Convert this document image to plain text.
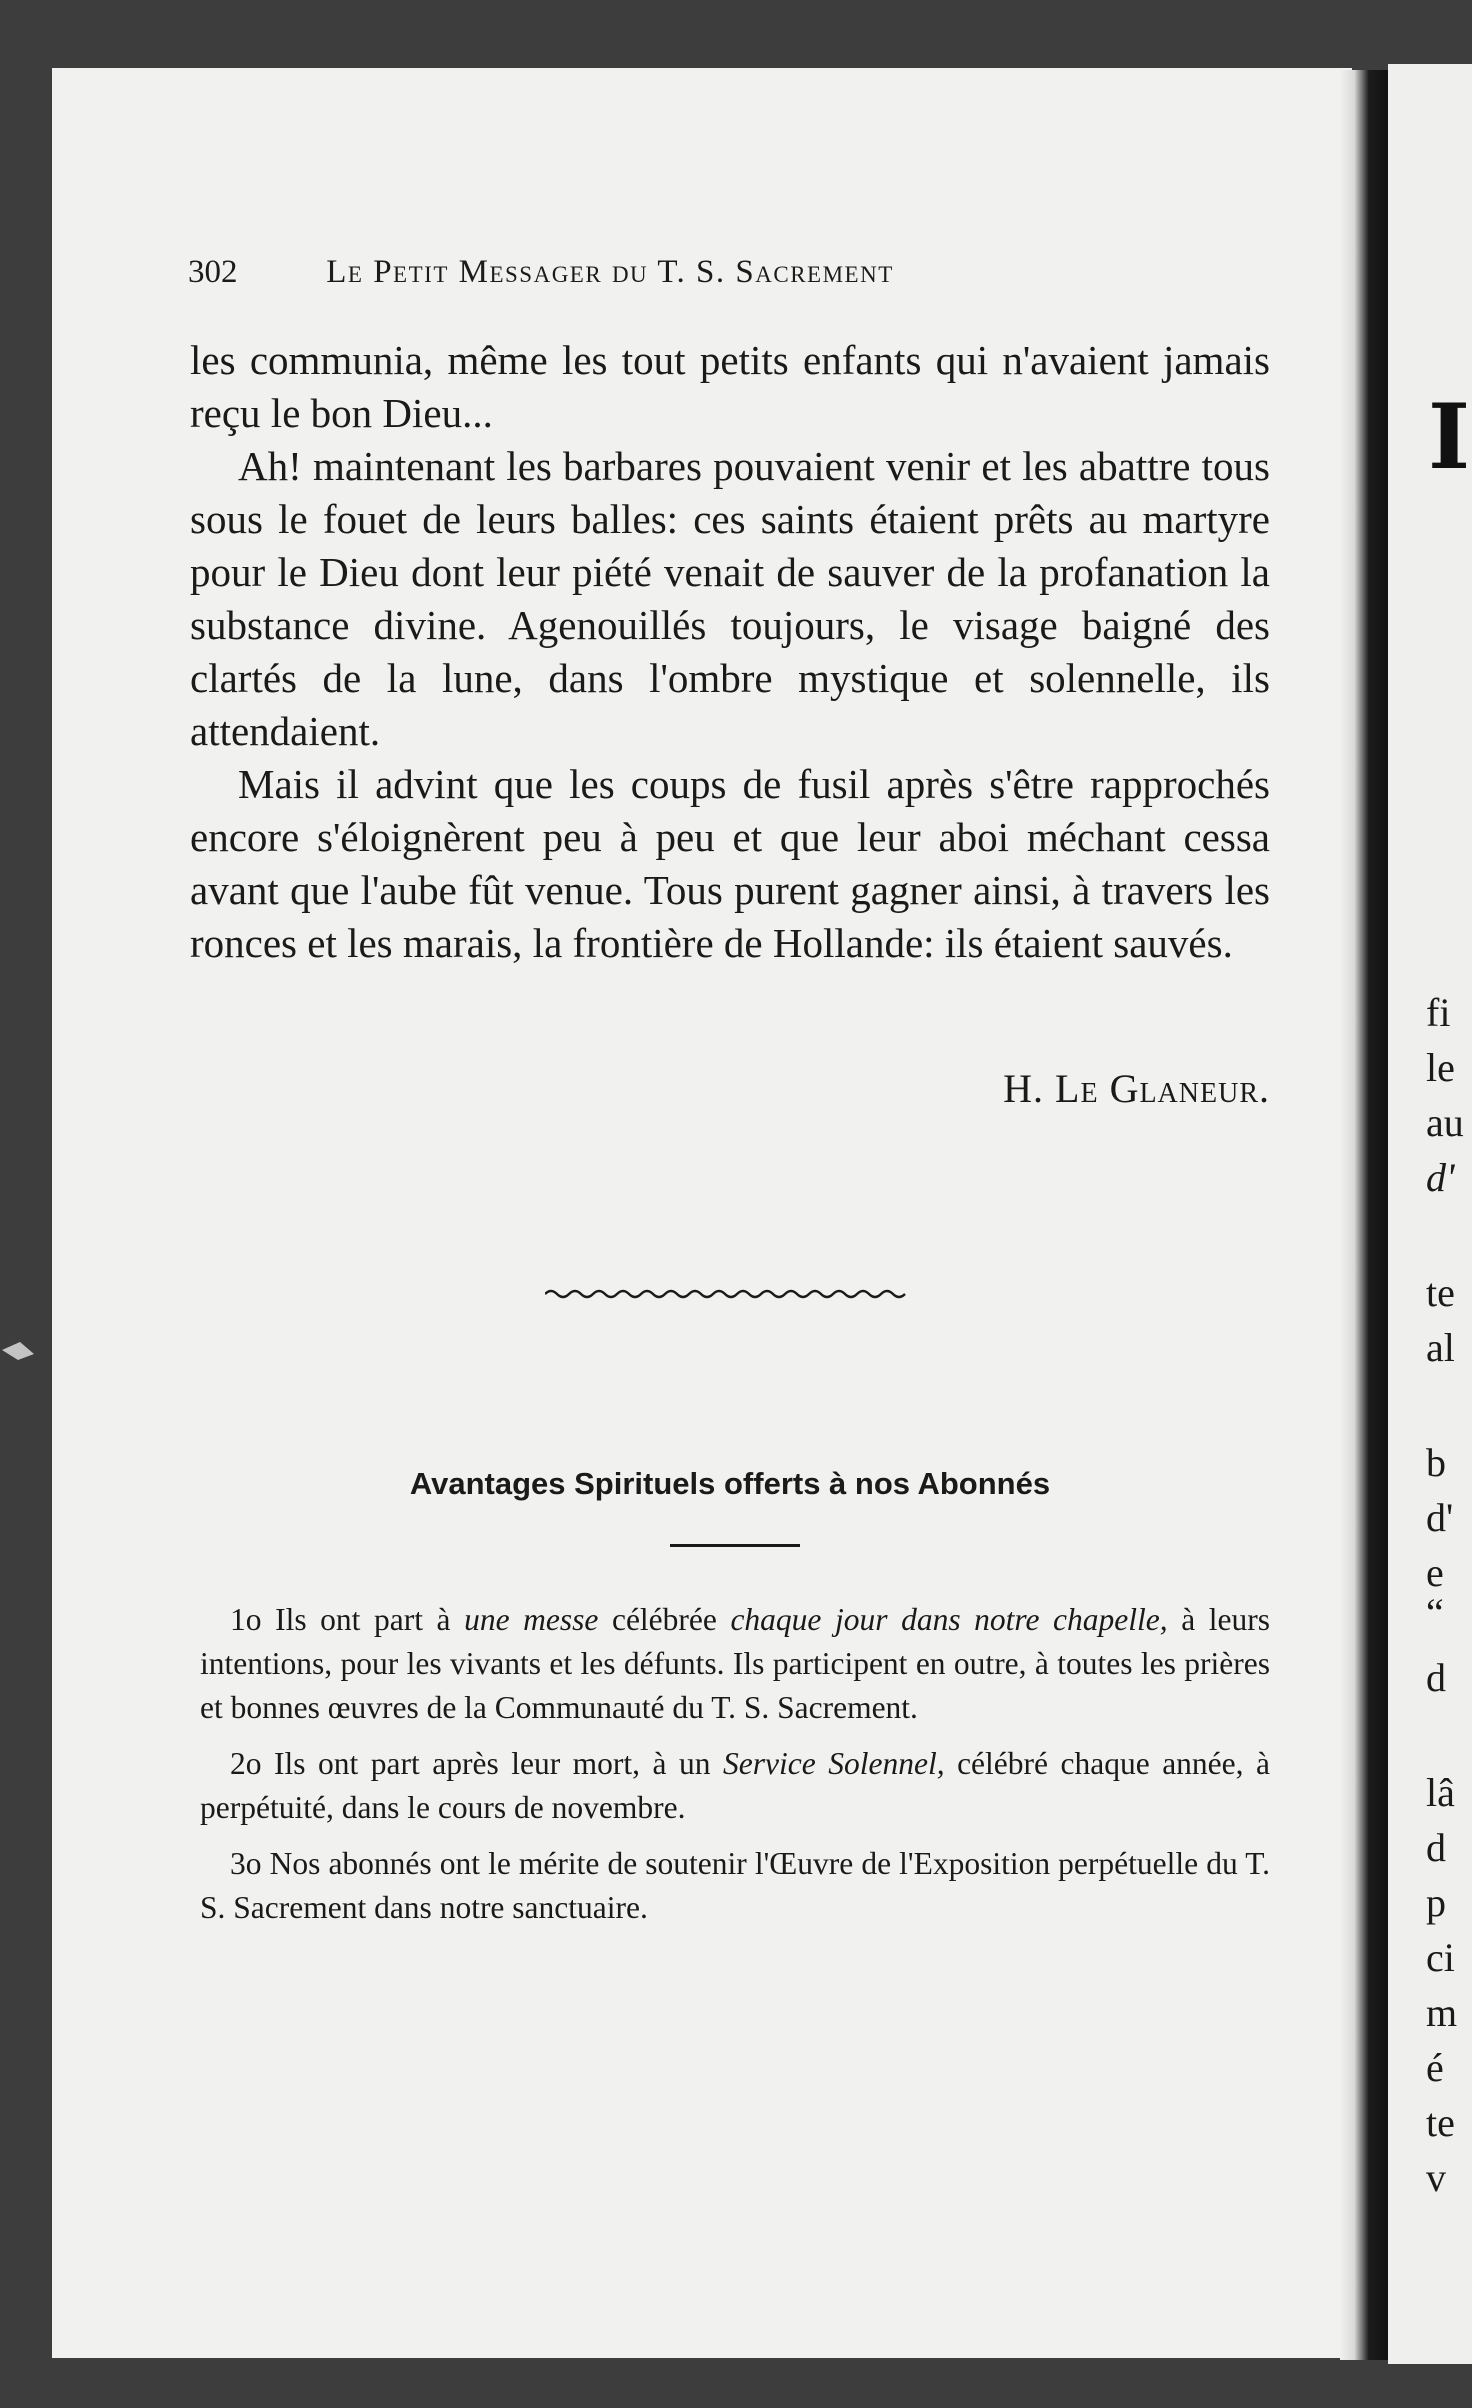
I
fi
le
au
d'
te
al
b
d'
e
“
d
lâ
d
p
ci
m
é
te
v
302	Le Petit Messager du T. S. Sacrement

les communia, même les tout petits enfants qui n'avaient jamais reçu le bon Dieu...

Ah! maintenant les barbares pouvaient venir et les abattre tous sous le fouet de leurs balles: ces saints étaient prêts au martyre pour le Dieu dont leur piété venait de sauver de la profanation la substance divine. Agenouillés toujours, le visage baigné des clartés de la lune, dans l'ombre mystique et solennelle, ils attendaient.

Mais il advint que les coups de fusil après s'être rapprochés encore s'éloignèrent peu à peu et que leur aboi méchant cessa avant que l'aube fût venue. Tous purent gagner ainsi, à travers les ronces et les marais, la frontière de Hollande: ils étaient sauvés.

H. Le Glaneur.
Avantages Spirituels offerts à nos Abonnés

1o Ils ont part à une messe célébrée chaque jour dans notre chapelle, à leurs intentions, pour les vivants et les défunts. Ils participent en outre, à toutes les prières et bonnes œuvres de la Communauté du T. S. Sacrement.

2o Ils ont part après leur mort, à un Service Solennel, célébré chaque année, à perpétuité, dans le cours de novembre.

3o Nos abonnés ont le mérite de soutenir l'Œuvre de l'Exposition perpétuelle du T. S. Sacrement dans notre sanctuaire.
